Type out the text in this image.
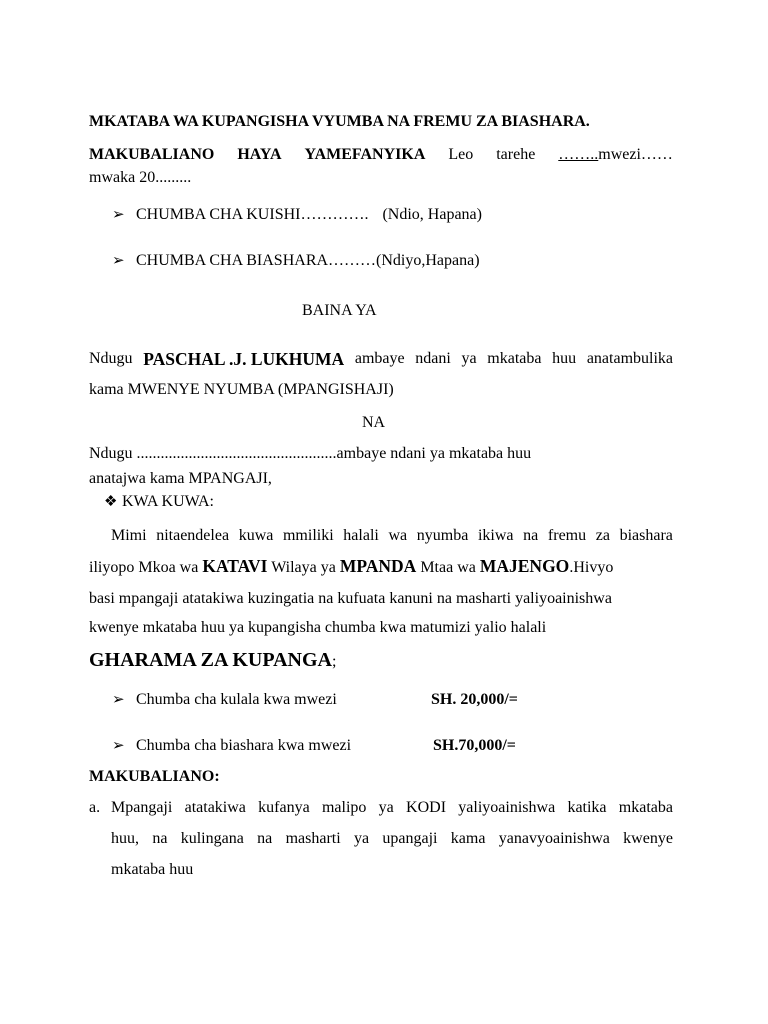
MKATABA WA KUPANGISHA VYUMBA NA FREMU ZA BIASHARA.
MAKUBALIANO HAYA YAMEFANYIKA Leo tarehe ……..mwezi……
mwaka 20.........
➢ CHUMBA CHA KUISHI…………. (Ndio, Hapana)
➢ CHUMBA CHA BIASHARA………(Ndiyo,Hapana)
BAINA YA
Ndugu PASCHAL .J. LUKHUMA ambaye ndani ya mkataba huu anatambulika
kama MWENYE NYUMBA (MPANGISHAJI)
NA
Ndugu ..................................................ambaye ndani ya mkataba huu
anatajwa kama MPANGAJI,
❖ KWA KUWA:
Mimi nitaendelea kuwa mmiliki halali wa nyumba ikiwa na fremu za biashara
iliyopo Mkoa wa KATAVI Wilaya ya MPANDA Mtaa wa MAJENGO.Hivyo
basi mpangaji atatakiwa kuzingatia na kufuata kanuni na masharti yaliyoainishwa
kwenye mkataba huu ya kupangisha chumba kwa matumizi yalio halali
GHARAMA ZA KUPANGA;
➢ Chumba cha kulala kwa mwezi	SH. 20,000/=
➢ Chumba cha biashara kwa mwezi	SH.70,000/=
MAKUBALIANO:
a. Mpangaji atatakiwa kufanya malipo ya KODI yaliyoainishwa katika mkataba
huu, na kulingana na masharti ya upangaji kama yanavyoainishwa kwenye
mkataba huu
